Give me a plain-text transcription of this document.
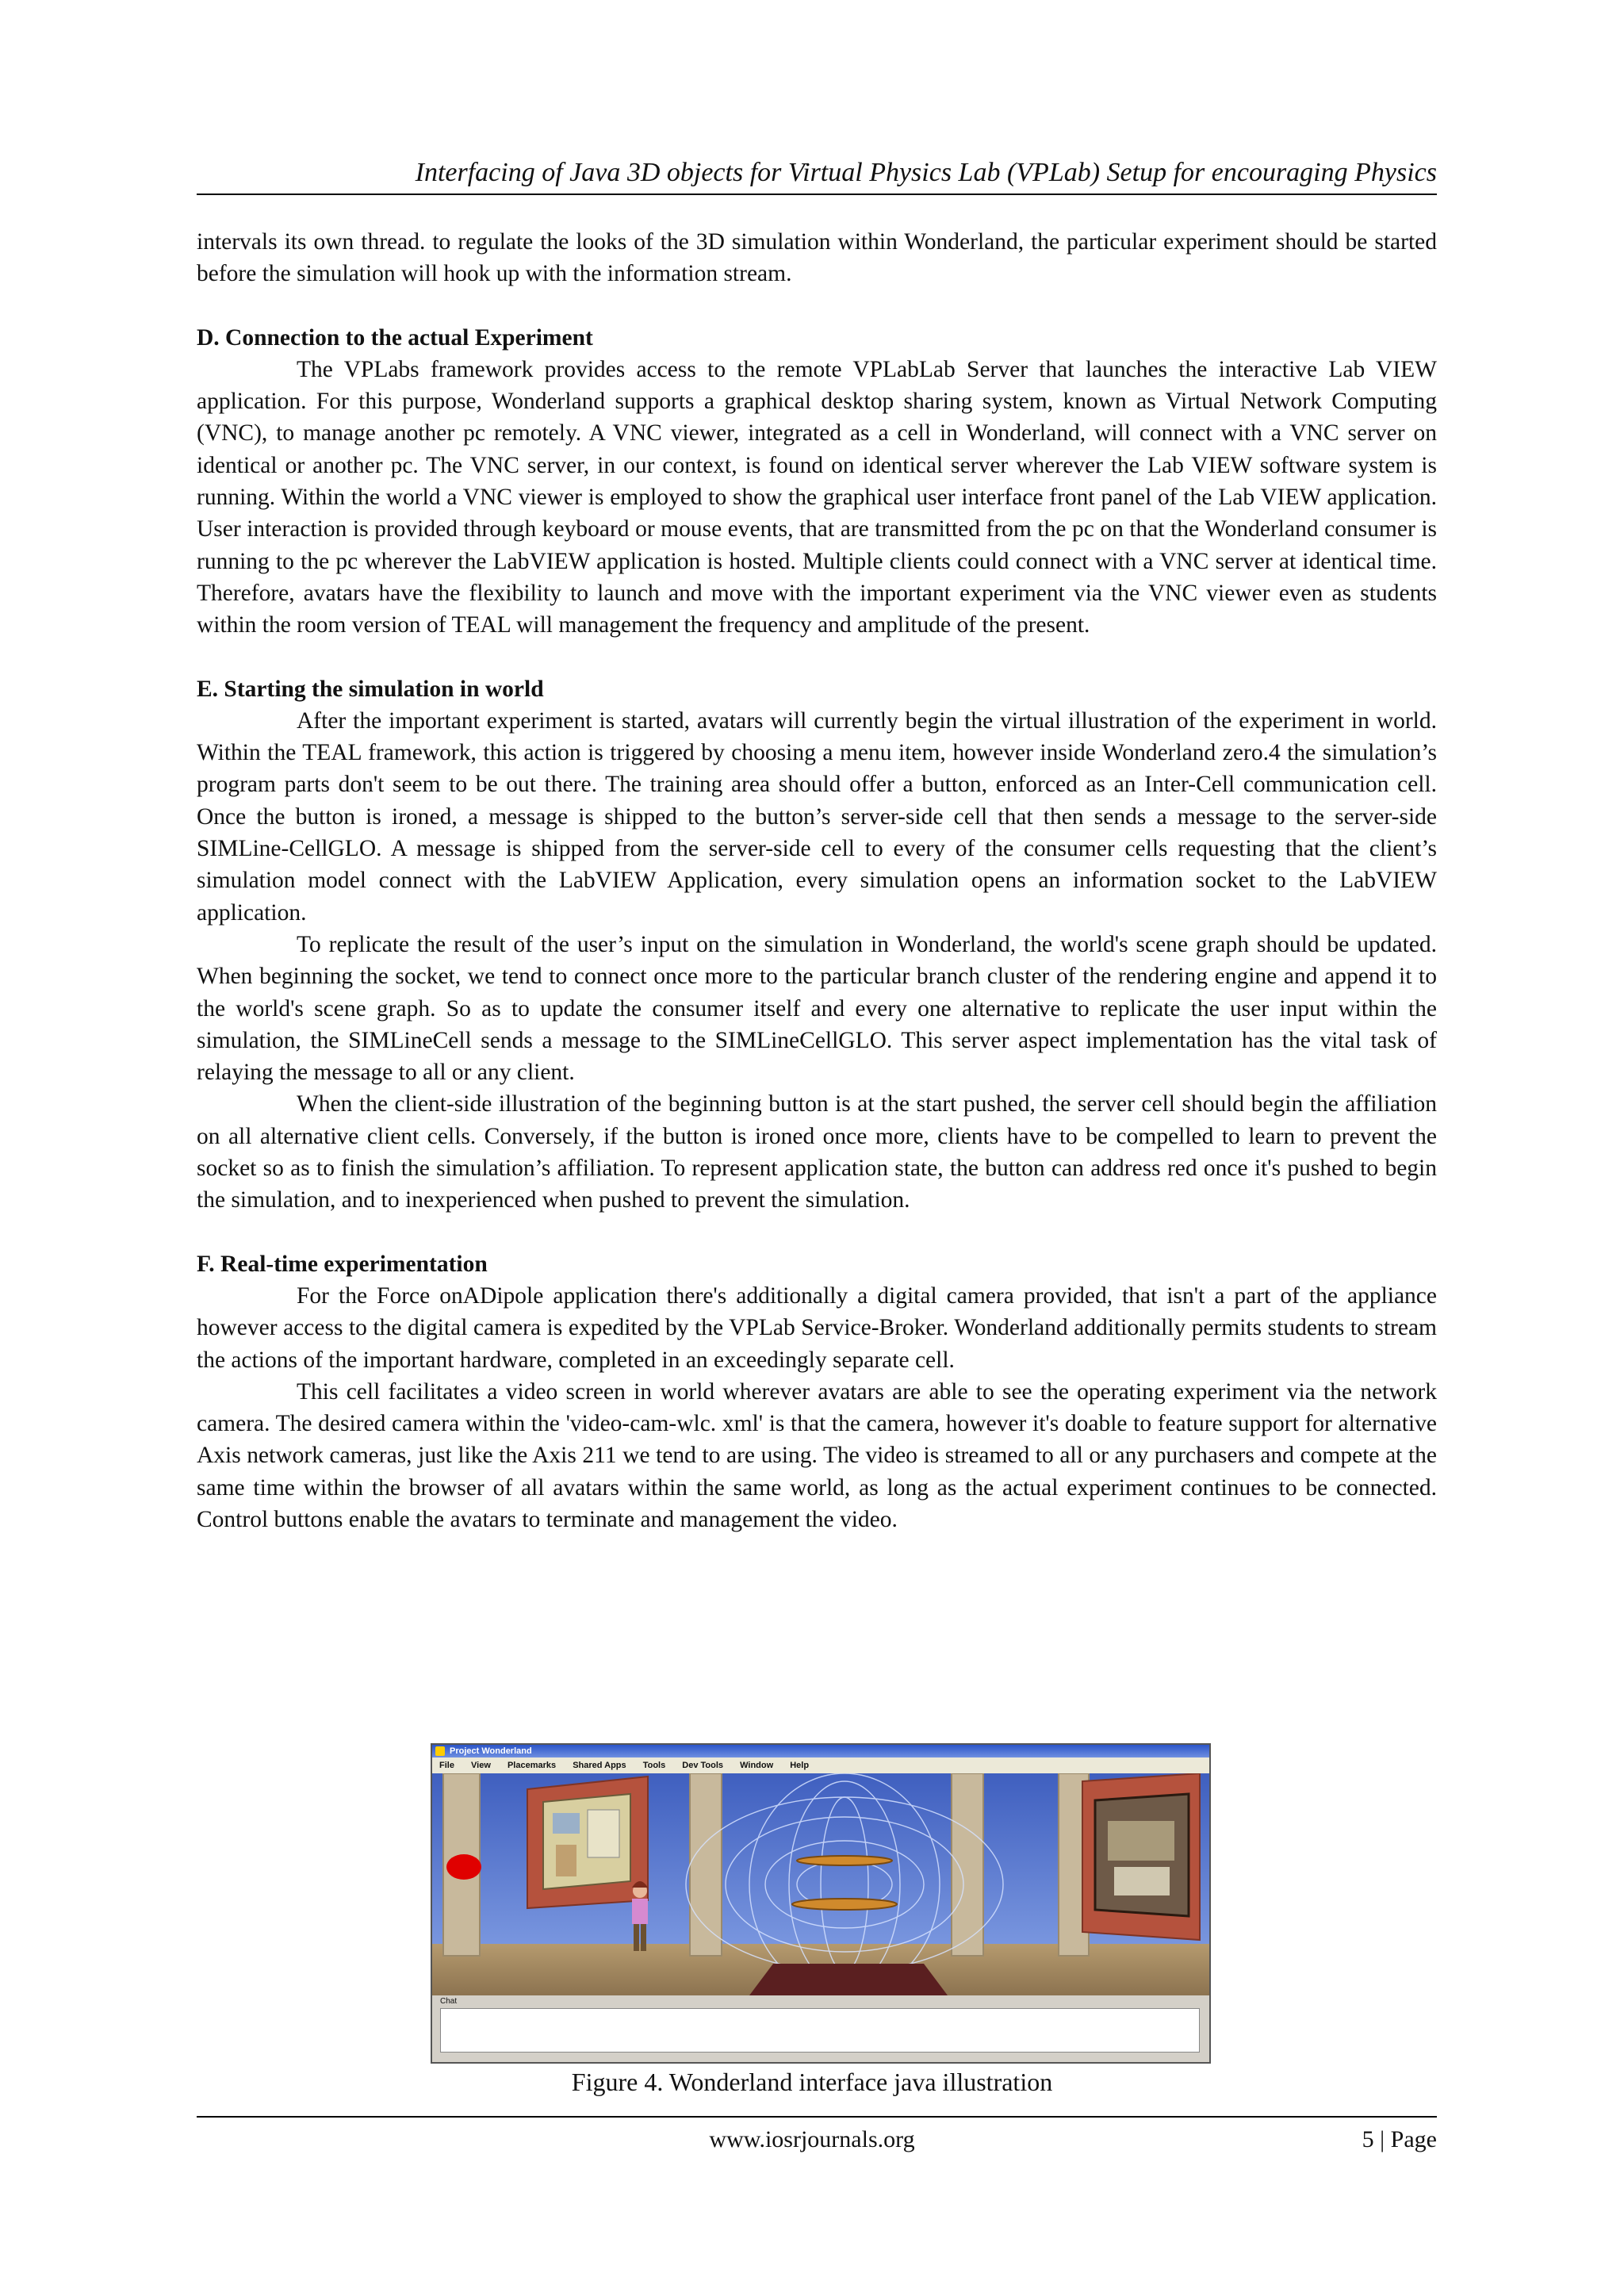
Interfacing of Java 3D objects for Virtual Physics Lab (VPLab) Setup for encouraging Physics

intervals its own thread. to regulate the looks of the 3D simulation within Wonderland, the particular experiment should be started before the simulation will hook up with the information stream.

D. Connection to the actual Experiment

The VPLabs framework provides access to the remote VPLabLab Server that launches the interactive Lab VIEW application. For this purpose, Wonderland supports a graphical desktop sharing system, known as Virtual Network Computing (VNC), to manage another pc remotely. A VNC viewer, integrated as a cell in Wonderland, will connect with a VNC server on identical or another pc. The VNC server, in our context, is found on identical server wherever the Lab VIEW software system is running. Within the world a VNC viewer is employed to show the graphical user interface front panel of the Lab VIEW application. User interaction is provided through keyboard or mouse events, that are transmitted from the pc on that the Wonderland consumer is running to the pc wherever the LabVIEW application is hosted. Multiple clients could connect with a VNC server at identical time. Therefore, avatars have the flexibility to launch and move with the important experiment via the VNC viewer even as students within the room version of TEAL will management the frequency and amplitude of the present.

E. Starting the simulation in world

After the important experiment is started, avatars will currently begin the virtual illustration of the experiment in world. Within the TEAL framework, this action is triggered by choosing a menu item, however inside Wonderland zero.4 the simulation’s program parts don't seem to be out there. The training area should offer a button, enforced as an Inter-Cell communication cell. Once the button is ironed, a message is shipped to the button’s server-side cell that then sends a message to the server-side SIMLine-CellGLO. A message is shipped from the server-side cell to every of the consumer cells requesting that the client’s simulation model connect with the LabVIEW Application, every simulation opens an information socket to the LabVIEW application.

To replicate the result of the user’s input on the simulation in Wonderland, the world's scene graph should be updated. When beginning the socket, we tend to connect once more to the particular branch cluster of the rendering engine and append it to the world's scene graph. So as to update the consumer itself and every one alternative to replicate the user input within the simulation, the SIMLineCell sends a message to the SIMLineCellGLO. This server aspect implementation has the vital task of relaying the message to all or any client.

When the client-side illustration of the beginning button is at the start pushed, the server cell should begin the affiliation on all alternative client cells. Conversely, if the button is ironed once more, clients have to be compelled to learn to prevent the socket so as to finish the simulation’s affiliation. To represent application state, the button can address red once it's pushed to begin the simulation, and to inexperienced when pushed to prevent the simulation.

F. Real-time experimentation

For the Force onADipole application there's additionally a digital camera provided, that isn't a part of the appliance however access to the digital camera is expedited by the VPLab Service-Broker. Wonderland additionally permits students to stream the actions of the important hardware, completed in an exceedingly separate cell.

This cell facilitates a video screen in world wherever avatars are able to see the operating experiment via the network camera. The desired camera within the 'video-cam-wlc. xml' is that the camera, however it's doable to feature support for alternative Axis network cameras, just like the Axis 211 we tend to are using. The video is streamed to all or any purchasers and compete at the same time within the browser of all avatars within the same world, as long as the actual experiment continues to be connected. Control buttons enable the avatars to terminate and management the video.

Project Wonderland
File View Placemarks Shared Apps Tools Dev Tools Window Help
Chat
Figure 4. Wonderland interface java illustration
www.iosrjournals.org	5 | Page
